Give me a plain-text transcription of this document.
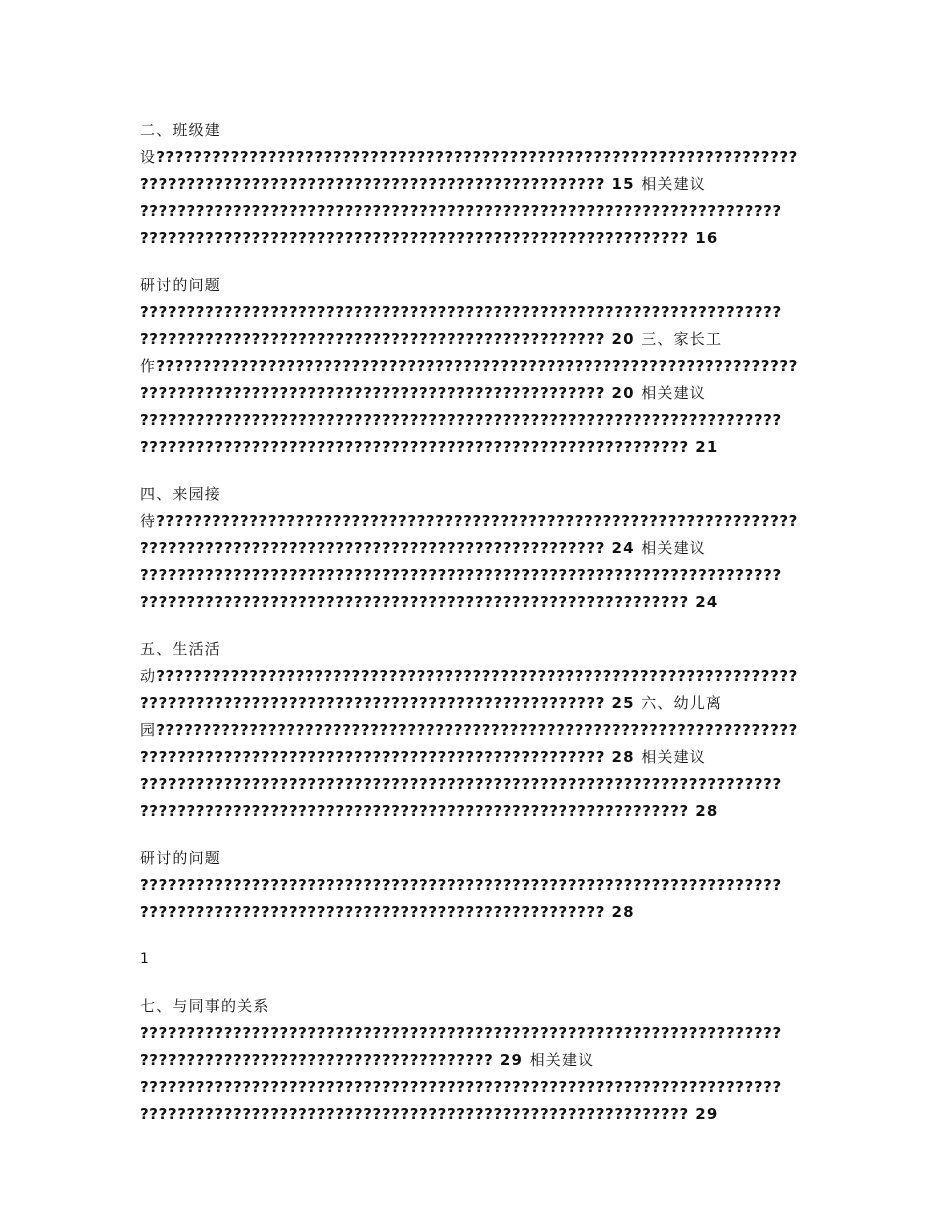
二、班级建
设?????????????????????????????????????????????????????????????????????
?????????????????????????????????????????????????? 15 相关建议
?????????????????????????????????????????????????????????????????????
??????????????????????????????????????????????????????????? 16
研讨的问题
?????????????????????????????????????????????????????????????????????
?????????????????????????????????????????????????? 20 三、家长工
作?????????????????????????????????????????????????????????????????????
?????????????????????????????????????????????????? 20 相关建议
?????????????????????????????????????????????????????????????????????
??????????????????????????????????????????????????????????? 21
四、来园接
待?????????????????????????????????????????????????????????????????????
?????????????????????????????????????????????????? 24 相关建议
?????????????????????????????????????????????????????????????????????
??????????????????????????????????????????????????????????? 24
五、生活活
动?????????????????????????????????????????????????????????????????????
?????????????????????????????????????????????????? 25 六、幼儿离
园?????????????????????????????????????????????????????????????????????
?????????????????????????????????????????????????? 28 相关建议
?????????????????????????????????????????????????????????????????????
??????????????????????????????????????????????????????????? 28
研讨的问题
?????????????????????????????????????????????????????????????????????
?????????????????????????????????????????????????? 28
1
七、与同事的关系
?????????????????????????????????????????????????????????????????????
?????????????????????????????????????? 29 相关建议
?????????????????????????????????????????????????????????????????????
??????????????????????????????????????????????????????????? 29
